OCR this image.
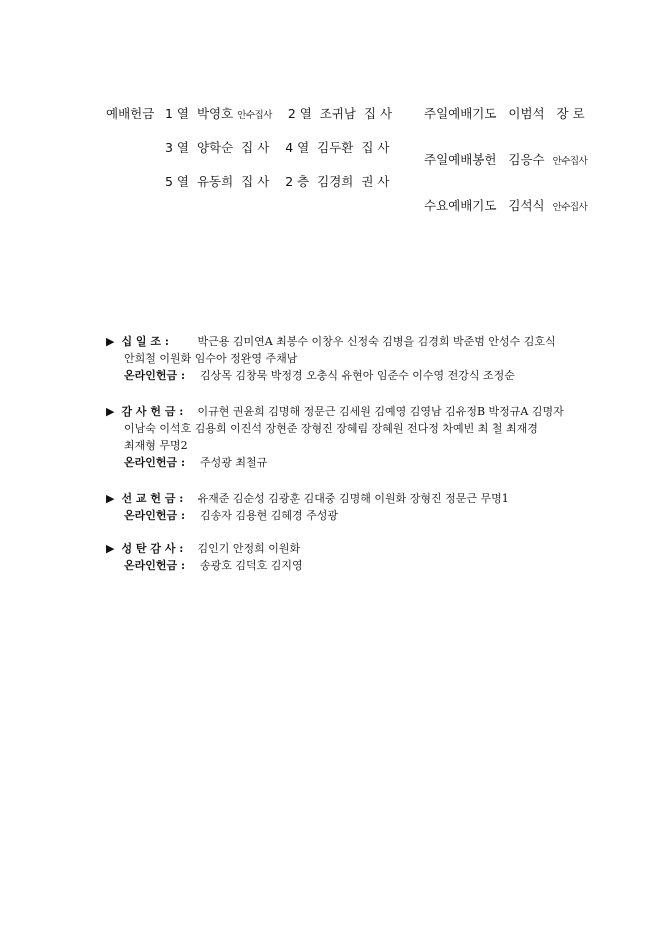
예배헌금 1 열 박영호 안수집사 2 열 조귀남 집 사
3 열 양학순 집 사 4 열 김두환 집 사
5 열 유동희 집 사 2 층 김경희 권 사
주일예배기도 이범석 장 로
주일예배봉헌 김응수 안수집사
수요예배기도 김석식 안수집사
▶ 십 일 조 :	박근용 김미연A 최봉수 이창우 신정숙 김병을 김경희 박준범 안성수 김호식
안희철 이원화 임수아 정완영 주채남
온라인헌금 : 김상목 김창묵 박정경 오충식 유현아 임준수 이수영 전강식 조정순
▶ 감 사 헌 금 : 이규현 권윤희 김명해 정문근 김세원 김예영 김영남 김유정B 박정규A 김명자
이남숙 이석호 김용희 이진석 장현준 장형진 장혜림 장혜원 전다정 차예빈 최 철 최재경
최재형 무명2
온라인헌금 : 주성광 최철규
▶ 선 교 헌 금 : 유재준 김순성 김광훈 김대중 김명해 이원화 장형진 정문근 무명1
온라인헌금 : 김송자 김용현 김혜경 주성광
▶ 성 탄 감 사 : 김인기 안정희 이원화
온라인헌금 : 송광호 김덕호 김지영
